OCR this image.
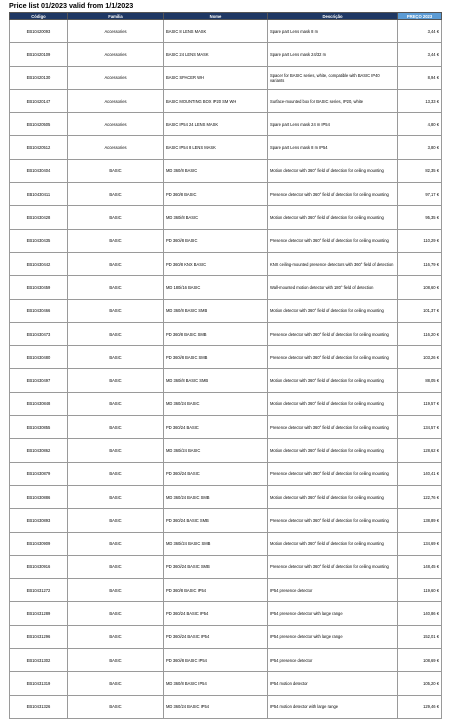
Price list 01/2023 valid from 1/1/2023
Código	Familia	Nome	Descrição	PREÇO 2023
EB10420093	Accessories	BASIC 8 LENS MASK	Spare part Lens mask 8 m	3,44 €
EB10420109	Accessories	BASIC 24 LENS MASK	Spare part Lens mask 24/32 m	3,44 €
EB10420130	Accessories	BASIC SPACER WH	Spacer for BASIC series, white, compatible with BASIC IP40 variants	8,94 €
EB10420147	Accessories	BASIC MOUNTING BOX IP20 SM WH	Surface-mounted box for BASIC series, IP20, white	13,33 €
EB10420505	Accessories	BASIC IP54 24 LENS MASK	Spare part Lens mask 24 m IP54	4,80 €
EB10420512	Accessories	BASIC IP54 8 LENS MASK	Spare part Lens mask 8 m IP54	3,80 €
EB10430404	BASIC	MD 360/8 BASIC	Motion detector with 360° field of detection for ceiling mounting	82,35 €
EB10430411	BASIC	PD 360/8 BASIC	Presence detector with 360° field of detection for ceiling mounting	97,17 €
EB10430428	BASIC	MD 360i/8 BASIC	Motion detector with 360° field of detection for ceiling mounting	95,35 €
EB10430435	BASIC	PD 360i/8 BASIC	Presence detector with 360° field of detection for ceiling mounting	110,29 €
EB10430442	BASIC	PD 360/8 KNX BASIC	KNX ceiling-mounted presence detectors with 360° field of detection	116,79 €
EB10430459	BASIC	MD 180i/16 BASIC	Wall-mounted motion detector with 180° field of detection	108,60 €
EB10430466	BASIC	MD 360/8 BASIC SMB	Motion detector with 360° field of detection for ceiling mounting	101,37 €
EB10430473	BASIC	PD 360/8 BASIC SMB	Presence detector with 360° field of detection for ceiling mounting	116,20 €
EB10430480	BASIC	PD 360i/8 BASIC SMB	Presence detector with 360° field of detection for ceiling mounting	103,26 €
EB10430497	BASIC	MD 360i/8 BASIC SMB	Motion detector with 360° field of detection for ceiling mounting	88,05 €
EB10430848	BASIC	MD 360/24 BASIC	Motion detector with 360° field of detection for ceiling mounting	119,57 €
EB10430855	BASIC	PD 360/24 BASIC	Presence detector with 360° field of detection for ceiling mounting	134,57 €
EB10430862	BASIC	MD 360i/24 BASIC	Motion detector with 360° field of detection for ceiling mounting	128,62 €
EB10430879	BASIC	PD 360i/24 BASIC	Presence detector with 360° field of detection for ceiling mounting	140,41 €
EB10430886	BASIC	MD 360/24 BASIC SMB	Motion detector with 360° field of detection for ceiling mounting	122,76 €
EB10430893	BASIC	PD 360/24 BASIC SMB	Presence detector with 360° field of detection for ceiling mounting	138,89 €
EB10430909	BASIC	MD 360i/24 BASIC SMB	Motion detector with 360° field of detection for ceiling mounting	134,69 €
EB10430916	BASIC	PD 360i/24 BASIC SMB	Presence detector with 360° field of detection for ceiling mounting	148,45 €
EB10431272	BASIC	PD 360/8 BASIC IP54	IP54 presence detector	119,60 €
EB10431289	BASIC	PD 360/24 BASIC IP54	IP54 presence detector with large range	140,86 €
EB10431296	BASIC	PD 360i/24 BASIC IP54	IP54 presence detector with large range	152,01 €
EB10431302	BASIC	PD 360i/8 BASIC IP54	IP54 presence detector	108,69 €
EB10431319	BASIC	MD 360/8 BASIC IP54	IP54 motion detector	105,20 €
EB10431326	BASIC	MD 360/24 BASIC IP54	IP54 motion detector with large range	129,46 €
